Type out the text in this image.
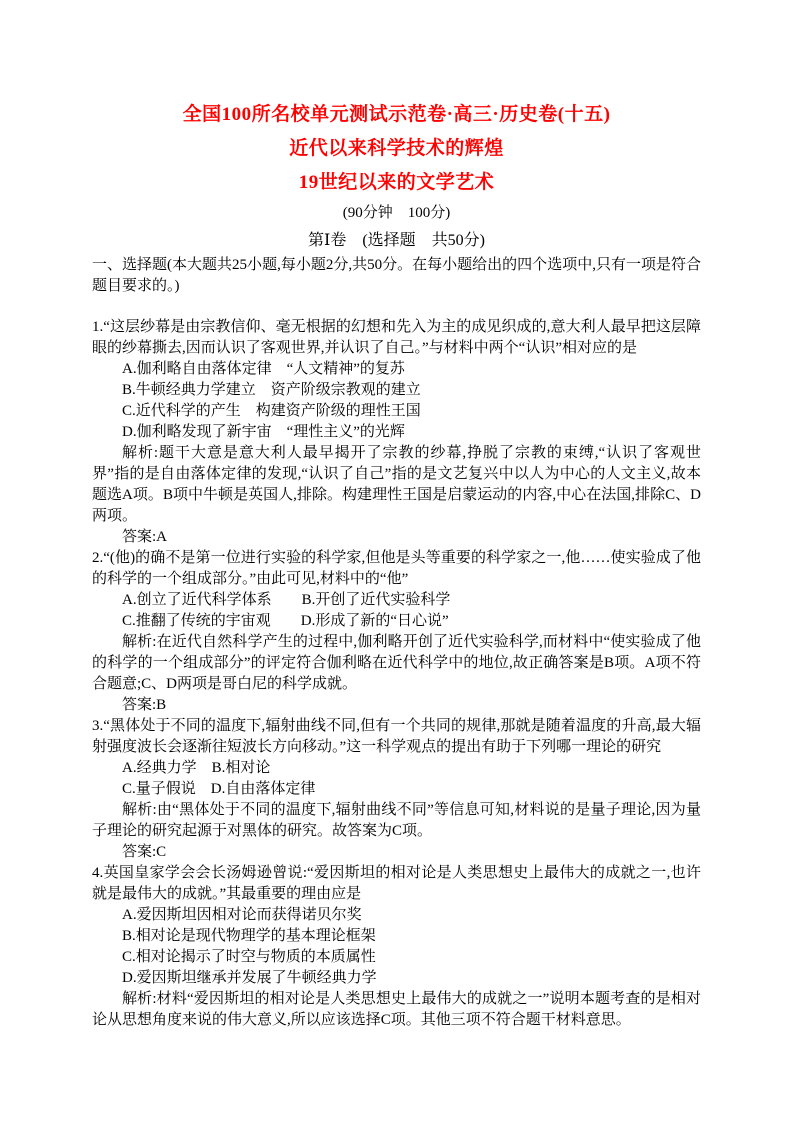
全国100所名校单元测试示范卷·高三·历史卷(十五)
近代以来科学技术的辉煌
19世纪以来的文学艺术

(90分钟　100分)

第Ⅰ卷　(选择题　共50分)

一、选择题(本大题共25小题,每小题2分,共50分。在每小题给出的四个选项中,只有一项是符合题目要求的。)

1.“这层纱幕是由宗教信仰、毫无根据的幻想和先入为主的成见织成的,意大利人最早把这层障眼的纱幕撕去,因而认识了客观世界,并认识了自己。”与材料中两个“认识”相对应的是

A.伽利略自由落体定律　“人文精神”的复苏

B.牛顿经典力学建立　资产阶级宗教观的建立

C.近代科学的产生　构建资产阶级的理性王国

D.伽利略发现了新宇宙　“理性主义”的光辉

解析:题干大意是意大利人最早揭开了宗教的纱幕,挣脱了宗教的束缚,“认识了客观世界”指的是自由落体定律的发现,“认识了自己”指的是文艺复兴中以人为中心的人文主义,故本题选A项。B项中牛顿是英国人,排除。构建理性王国是启蒙运动的内容,中心在法国,排除C、D两项。

答案:A

2.“(他)的确不是第一位进行实验的科学家,但他是头等重要的科学家之一,他……使实验成了他的科学的一个组成部分。”由此可见,材料中的“他”

A.创立了近代科学体系　　B.开创了近代实验科学

C.推翻了传统的宇宙观　　D.形成了新的“日心说”

解析:在近代自然科学产生的过程中,伽利略开创了近代实验科学,而材料中“使实验成了他的科学的一个组成部分”的评定符合伽利略在近代科学中的地位,故正确答案是B项。A项不符合题意;C、D两项是哥白尼的科学成就。

答案:B

3.“黑体处于不同的温度下,辐射曲线不同,但有一个共同的规律,那就是随着温度的升高,最大辐射强度波长会逐渐往短波长方向移动。”这一科学观点的提出有助于下列哪一理论的研究

A.经典力学　B.相对论

C.量子假说　D.自由落体定律

解析:由“黑体处于不同的温度下,辐射曲线不同”等信息可知,材料说的是量子理论,因为量子理论的研究起源于对黑体的研究。故答案为C项。

答案:C

4.英国皇家学会会长汤姆逊曾说:“爱因斯坦的相对论是人类思想史上最伟大的成就之一,也许就是最伟大的成就。”其最重要的理由应是

A.爱因斯坦因相对论而获得诺贝尔奖

B.相对论是现代物理学的基本理论框架

C.相对论揭示了时空与物质的本质属性

D.爱因斯坦继承并发展了牛顿经典力学

解析:材料“爱因斯坦的相对论是人类思想史上最伟大的成就之一”说明本题考查的是相对论从思想角度来说的伟大意义,所以应该选择C项。其他三项不符合题干材料意思。
